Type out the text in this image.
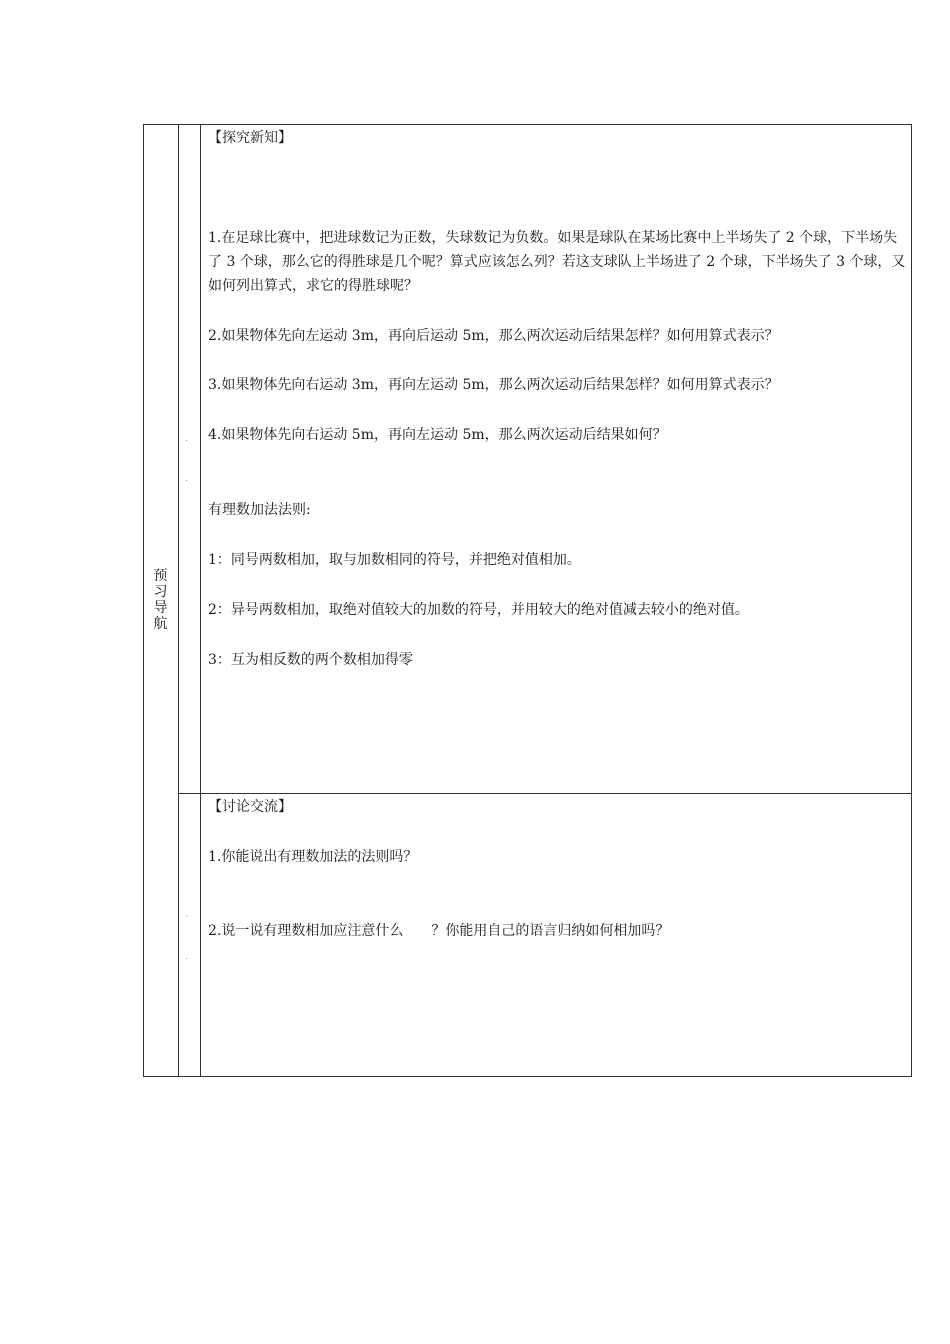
预
习
导
航
【探究新知】
1.在足球比赛中，把进球数记为正数，失球数记为负数。如果是球队在某场比赛中上半场失了 2 个球，下半场失了 3 个球，那么它的得胜球是几个呢？算式应该怎么列？若这支球队上半场进了 2 个球，下半场失了 3 个球，又如何列出算式，求它的得胜球呢？
2.如果物体先向左运动 3m，再向后运动 5m，那么两次运动后结果怎样？如何用算式表示？
3.如果物体先向右运动 3m，再向左运动 5m，那么两次运动后结果怎样？如何用算式表示？
4.如果物体先向右运动 5m，再向左运动 5m，那么两次运动后结果如何？
有理数加法法则:
1：同号两数相加，取与加数相同的符号，并把绝对值相加。
2：异号两数相加，取绝对值较大的加数的符号，并用较大的绝对值减去较小的绝对值。
3：互为相反数的两个数相加得零
【讨论交流】
1.你能说出有理数加法的法则吗？
2.说一说有理数相加应注意什么　　？你能用自己的语言归纳如何相加吗？
